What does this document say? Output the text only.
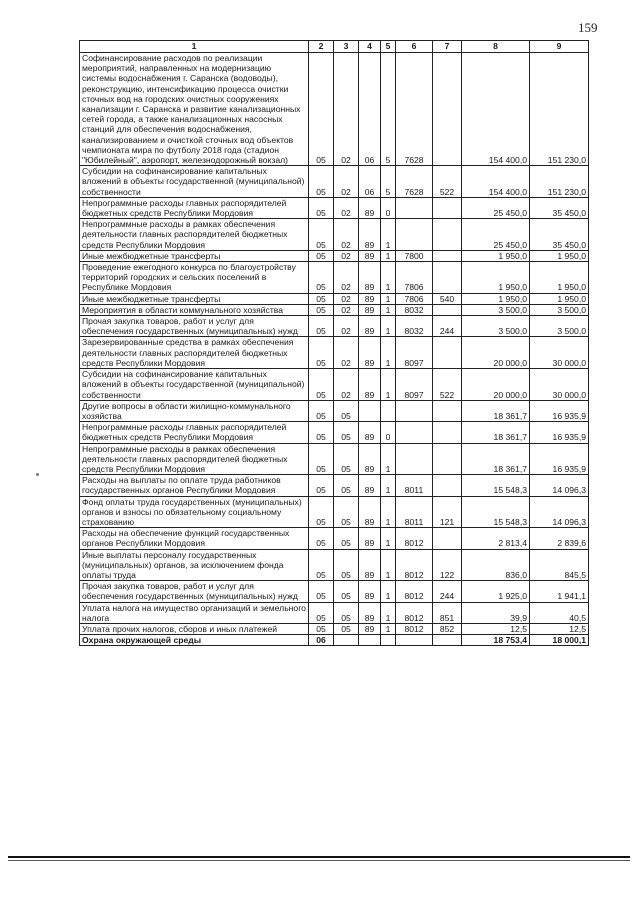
159
1	2	3	4	5	6	7	8	9
Софинансирование расходов по реализации мероприятий, направленных на модернизацию системы водоснабжения г. Саранска (водоводы), реконструкцию, интенсификацию процесса очистки сточных вод на городских очистных сооружениях канализации г. Саранска и развитие канализационных сетей города, а также канализационных насосных станций для обеспечения водоснабжения, канализированием и очисткой сточных вод объектов чемпионата мира по футболу 2018 года (стадион "Юбилейный", аэропорт, железнодорожный вокзал)	05	02	06	5	7628		154 400,0	151 230,0
Субсидии на софинансирование капитальных вложений в объекты государственной (муниципальной) собственности	05	02	06	5	7628	522	154 400,0	151 230,0
Непрограммные расходы главных распорядителей бюджетных средств Республики Мордовия	05	02	89	0			25 450,0	35 450,0
Непрограммные расходы в рамках обеспечения деятельности главных распорядителей бюджетных средств Республики Мордовия	05	02	89	1			25 450,0	35 450,0
Иные межбюджетные трансферты	05	02	89	1	7800		1 950,0	1 950,0
Проведение ежегодного конкурса по благоустройству территорий городских и сельских поселений в Республике Мордовия	05	02	89	1	7806		1 950,0	1 950,0
Иные межбюджетные трансферты	05	02	89	1	7806	540	1 950,0	1 950,0
Мероприятия в области коммунального хозяйства	05	02	89	1	8032		3 500,0	3 500,0
Прочая закупка товаров, работ и услуг для обеспечения государственных (муниципальных) нужд	05	02	89	1	8032	244	3 500,0	3 500,0
Зарезервированные средства в рамках обеспечения деятельности главных распорядителей бюджетных средств Республики Мордовия	05	02	89	1	8097		20 000,0	30 000,0
Субсидии на софинансирование капитальных вложений в объекты государственной (муниципальной) собственности	05	02	89	1	8097	522	20 000,0	30 000,0
Другие вопросы в области жилищно-коммунального хозяйства	05	05					18 361,7	16 935,9
Непрограммные расходы главных распорядителей бюджетных средств Республики Мордовия	05	05	89	0			18 361,7	16 935,9
Непрограммные расходы в рамках обеспечения деятельности главных распорядителей бюджетных средств Республики Мордовия	05	05	89	1			18 361,7	16 935,9
Расходы на выплаты по оплате труда работников государственных органов Республики Мордовия	05	05	89	1	8011		15 548,3	14 096,3
Фонд оплаты труда государственных (муниципальных) органов и взносы по обязательному социальному страхованию	05	05	89	1	8011	121	15 548,3	14 096,3
Расходы на обеспечение функций государственных органов Республики Мордовия	05	05	89	1	8012		2 813,4	2 839,6
Иные выплаты персоналу государственных (муниципальных) органов, за исключением фонда оплаты труда	05	05	89	1	8012	122	836,0	845,5
Прочая закупка товаров, работ и услуг для обеспечения государственных (муниципальных) нужд	05	05	89	1	8012	244	1 925,0	1 941,1
Уплата налога на имущество организаций и земельного налога	05	05	89	1	8012	851	39,9	40,5
Уплата прочих налогов, сборов и иных платежей	05	05	89	1	8012	852	12,5	12,5
Охрана окружающей среды	06						18 753,4	18 000,1
